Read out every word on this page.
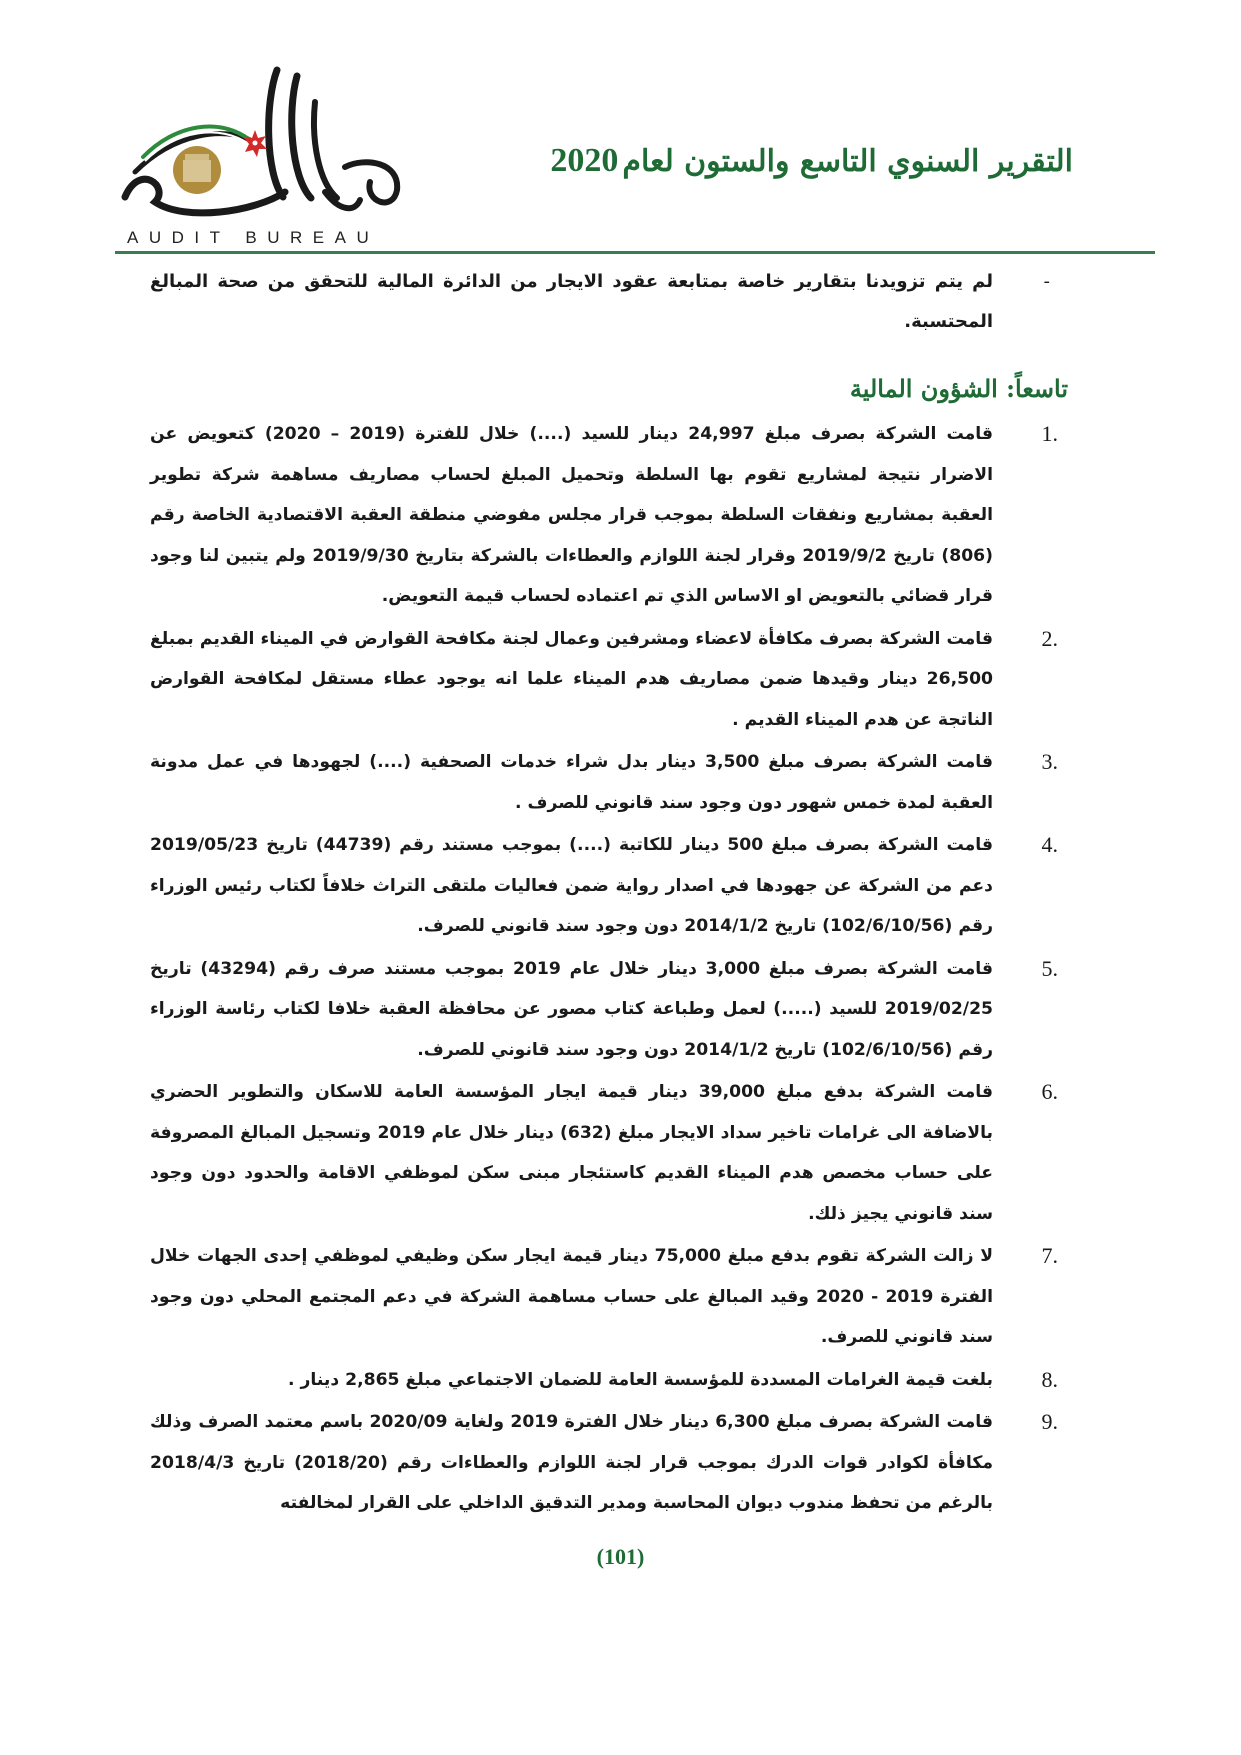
AUDIT BUREAU
التقرير السنوي التاسع والستون لعام2020
-
لم يتم تزويدنا بتقارير خاصة بمتابعة عقود الايجار من الدائرة المالية للتحقق من صحة المبالغ المحتسبة.
تاسعاً: الشؤون المالية
1.
قامت الشركة بصرف مبلغ 24,997 دينار للسيد (....) خلال للفترة (2019 – 2020) كتعويض عن الاضرار نتيجة لمشاريع تقوم بها السلطة وتحميل المبلغ لحساب مصاريف مساهمة شركة تطوير العقبة بمشاريع ونفقات السلطة بموجب قرار مجلس مفوضي منطقة العقبة الاقتصادية الخاصة رقم (806) تاريخ 2019/9/2 وقرار لجنة اللوازم والعطاءات بالشركة بتاريخ 2019/9/30 ولم يتبين لنا وجود قرار قضائي بالتعويض او الاساس الذي تم اعتماده لحساب قيمة التعويض.
2.
قامت الشركة بصرف مكافأة لاعضاء ومشرفين وعمال لجنة مكافحة القوارض في الميناء القديم بمبلغ 26,500 دينار وقيدها ضمن مصاريف هدم الميناء علما انه يوجود عطاء مستقل لمكافحة القوارض الناتجة عن هدم الميناء القديم .
3.
قامت الشركة بصرف مبلغ 3,500 دينار بدل شراء خدمات الصحفية (....) لجهودها في عمل مدونة العقبة لمدة خمس شهور دون وجود سند قانوني للصرف .
4.
قامت الشركة بصرف مبلغ 500 دينار للكاتبة (....) بموجب مستند رقم (44739) تاريخ 2019/05/23 دعم من الشركة عن جهودها في اصدار رواية ضمن فعاليات ملتقى التراث خلافاً لكتاب رئيس الوزراء رقم (102/6/10/56) تاريخ 2014/1/2 دون وجود سند قانوني للصرف.
5.
قامت الشركة بصرف مبلغ 3,000 دينار خلال عام 2019 بموجب مستند صرف رقم (43294) تاريخ 2019/02/25 للسيد (.....) لعمل وطباعة كتاب مصور عن محافظة العقبة خلافا لكتاب رئاسة الوزراء رقم (102/6/10/56) تاريخ 2014/1/2 دون وجود سند قانوني للصرف.
6.
قامت الشركة بدفع مبلغ 39,000 دينار قيمة ايجار المؤسسة العامة للاسكان والتطوير الحضري بالاضافة الى غرامات تاخير سداد الايجار مبلغ (632) دينار خلال عام 2019 وتسجيل المبالغ المصروفة على حساب مخصص هدم الميناء القديم كاستئجار مبنى سكن لموظفي الاقامة والحدود دون وجود سند قانوني يجيز ذلك.
7.
لا زالت الشركة تقوم بدفع مبلغ 75,000 دينار قيمة ايجار سكن وظيفي لموظفي إحدى الجهات خلال الفترة 2019 - 2020 وقيد المبالغ على حساب مساهمة الشركة في دعم المجتمع المحلي دون وجود سند قانوني للصرف.
8.
بلغت قيمة الغرامات المسددة للمؤسسة العامة للضمان الاجتماعي مبلغ 2,865 دينار .
9.
قامت الشركة بصرف مبلغ 6,300 دينار خلال الفترة 2019 ولغاية 2020/09 باسم معتمد الصرف وذلك مكافأة لكوادر قوات الدرك بموجب قرار لجنة اللوازم والعطاءات رقم (2018/20) تاريخ 2018/4/3 بالرغم من تحفظ مندوب ديوان المحاسبة ومدير التدقيق الداخلي على القرار لمخالفته
(101)
